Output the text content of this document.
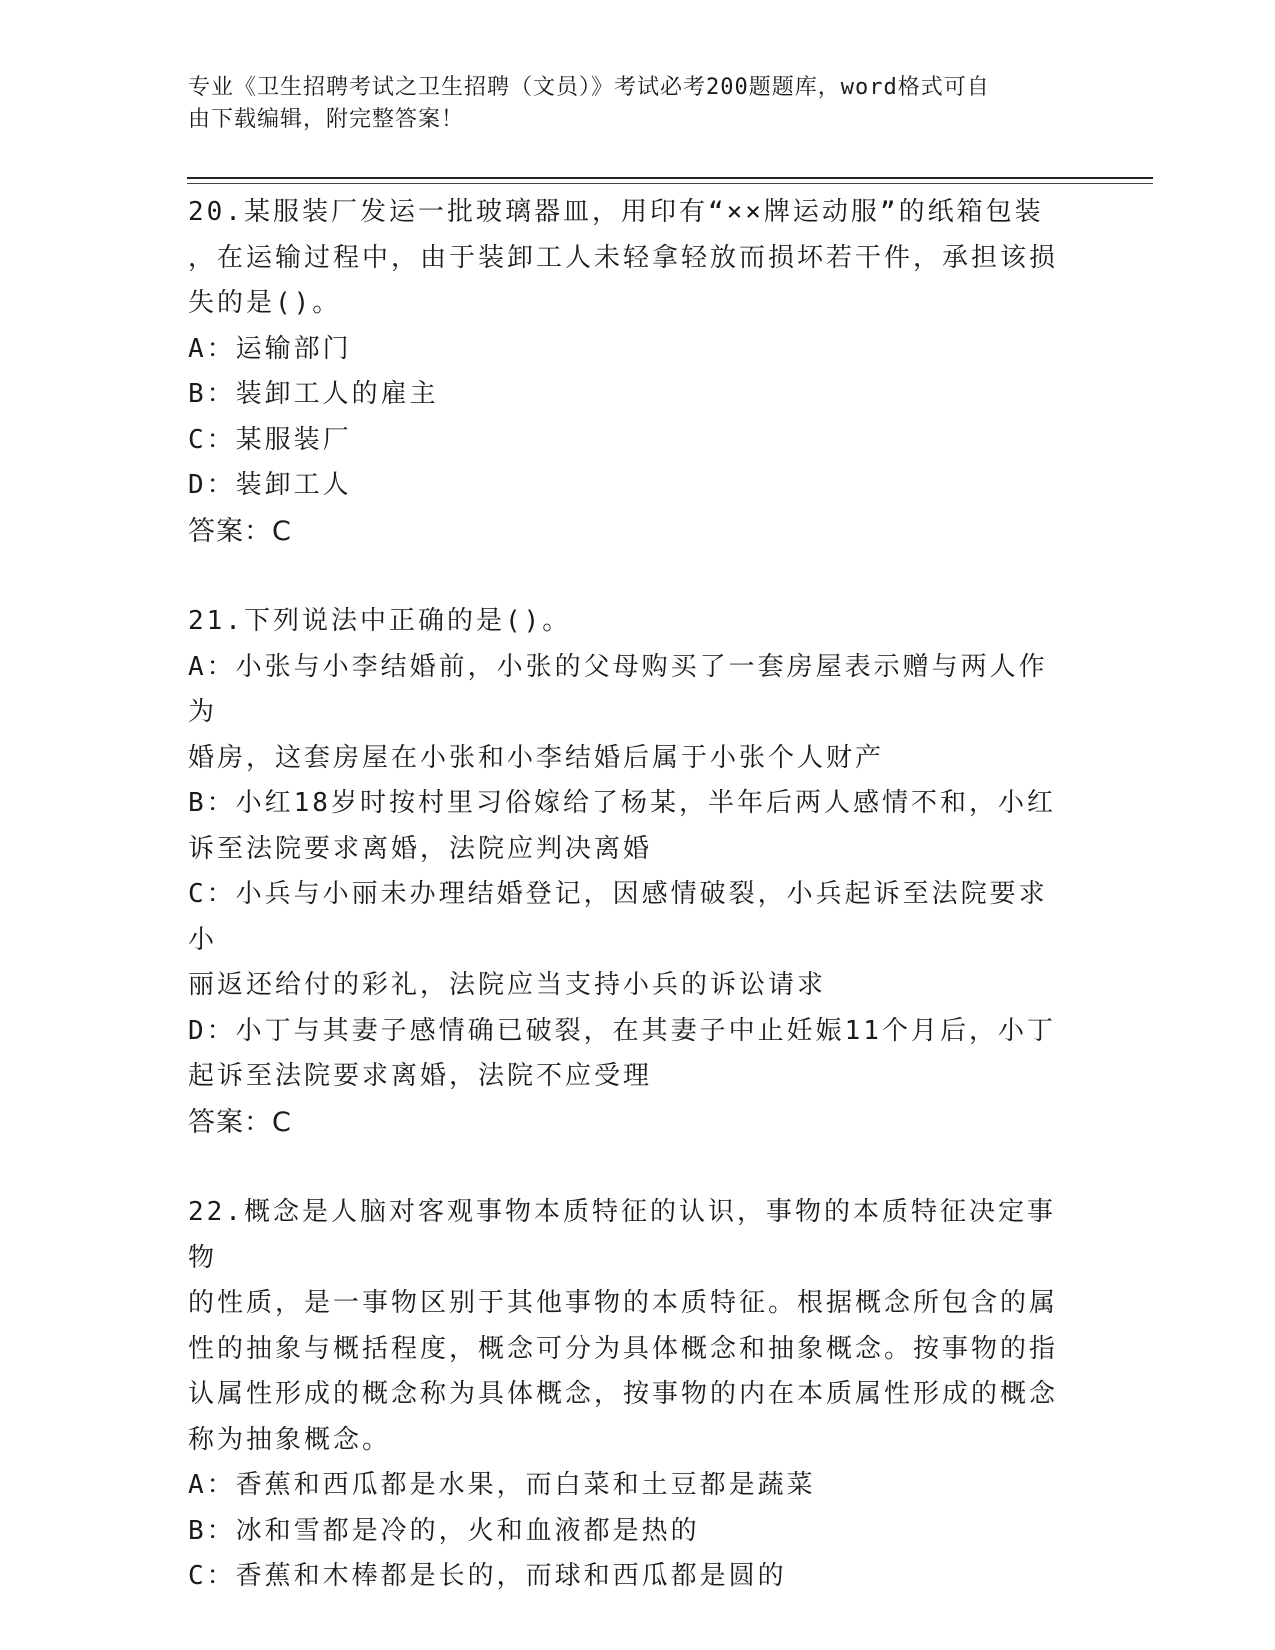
专业《卫生招聘考试之卫生招聘（文员）》考试必考200题题库，word格式可自
由下载编辑，附完整答案！
20.某服装厂发运一批玻璃器皿，用印有“××牌运动服”的纸箱包装
，在运输过程中，由于装卸工人未轻拿轻放而损坏若干件，承担该损
失的是()。
A：运输部门
B：装卸工人的雇主
C：某服装厂
D：装卸工人
答案：C
21.下列说法中正确的是()。
A：小张与小李结婚前，小张的父母购买了一套房屋表示赠与两人作为
婚房，这套房屋在小张和小李结婚后属于小张个人财产
B：小红18岁时按村里习俗嫁给了杨某，半年后两人感情不和，小红
诉至法院要求离婚，法院应判决离婚
C：小兵与小丽未办理结婚登记，因感情破裂，小兵起诉至法院要求小
丽返还给付的彩礼，法院应当支持小兵的诉讼请求
D：小丁与其妻子感情确已破裂，在其妻子中止妊娠11个月后，小丁
起诉至法院要求离婚，法院不应受理
答案：C
22.概念是人脑对客观事物本质特征的认识，事物的本质特征决定事物
的性质，是一事物区别于其他事物的本质特征。根据概念所包含的属
性的抽象与概括程度，概念可分为具体概念和抽象概念。按事物的指
认属性形成的概念称为具体概念，按事物的内在本质属性形成的概念
称为抽象概念。
A：香蕉和西瓜都是水果，而白菜和土豆都是蔬菜
B：冰和雪都是冷的，火和血液都是热的
C：香蕉和木棒都是长的，而球和西瓜都是圆的
